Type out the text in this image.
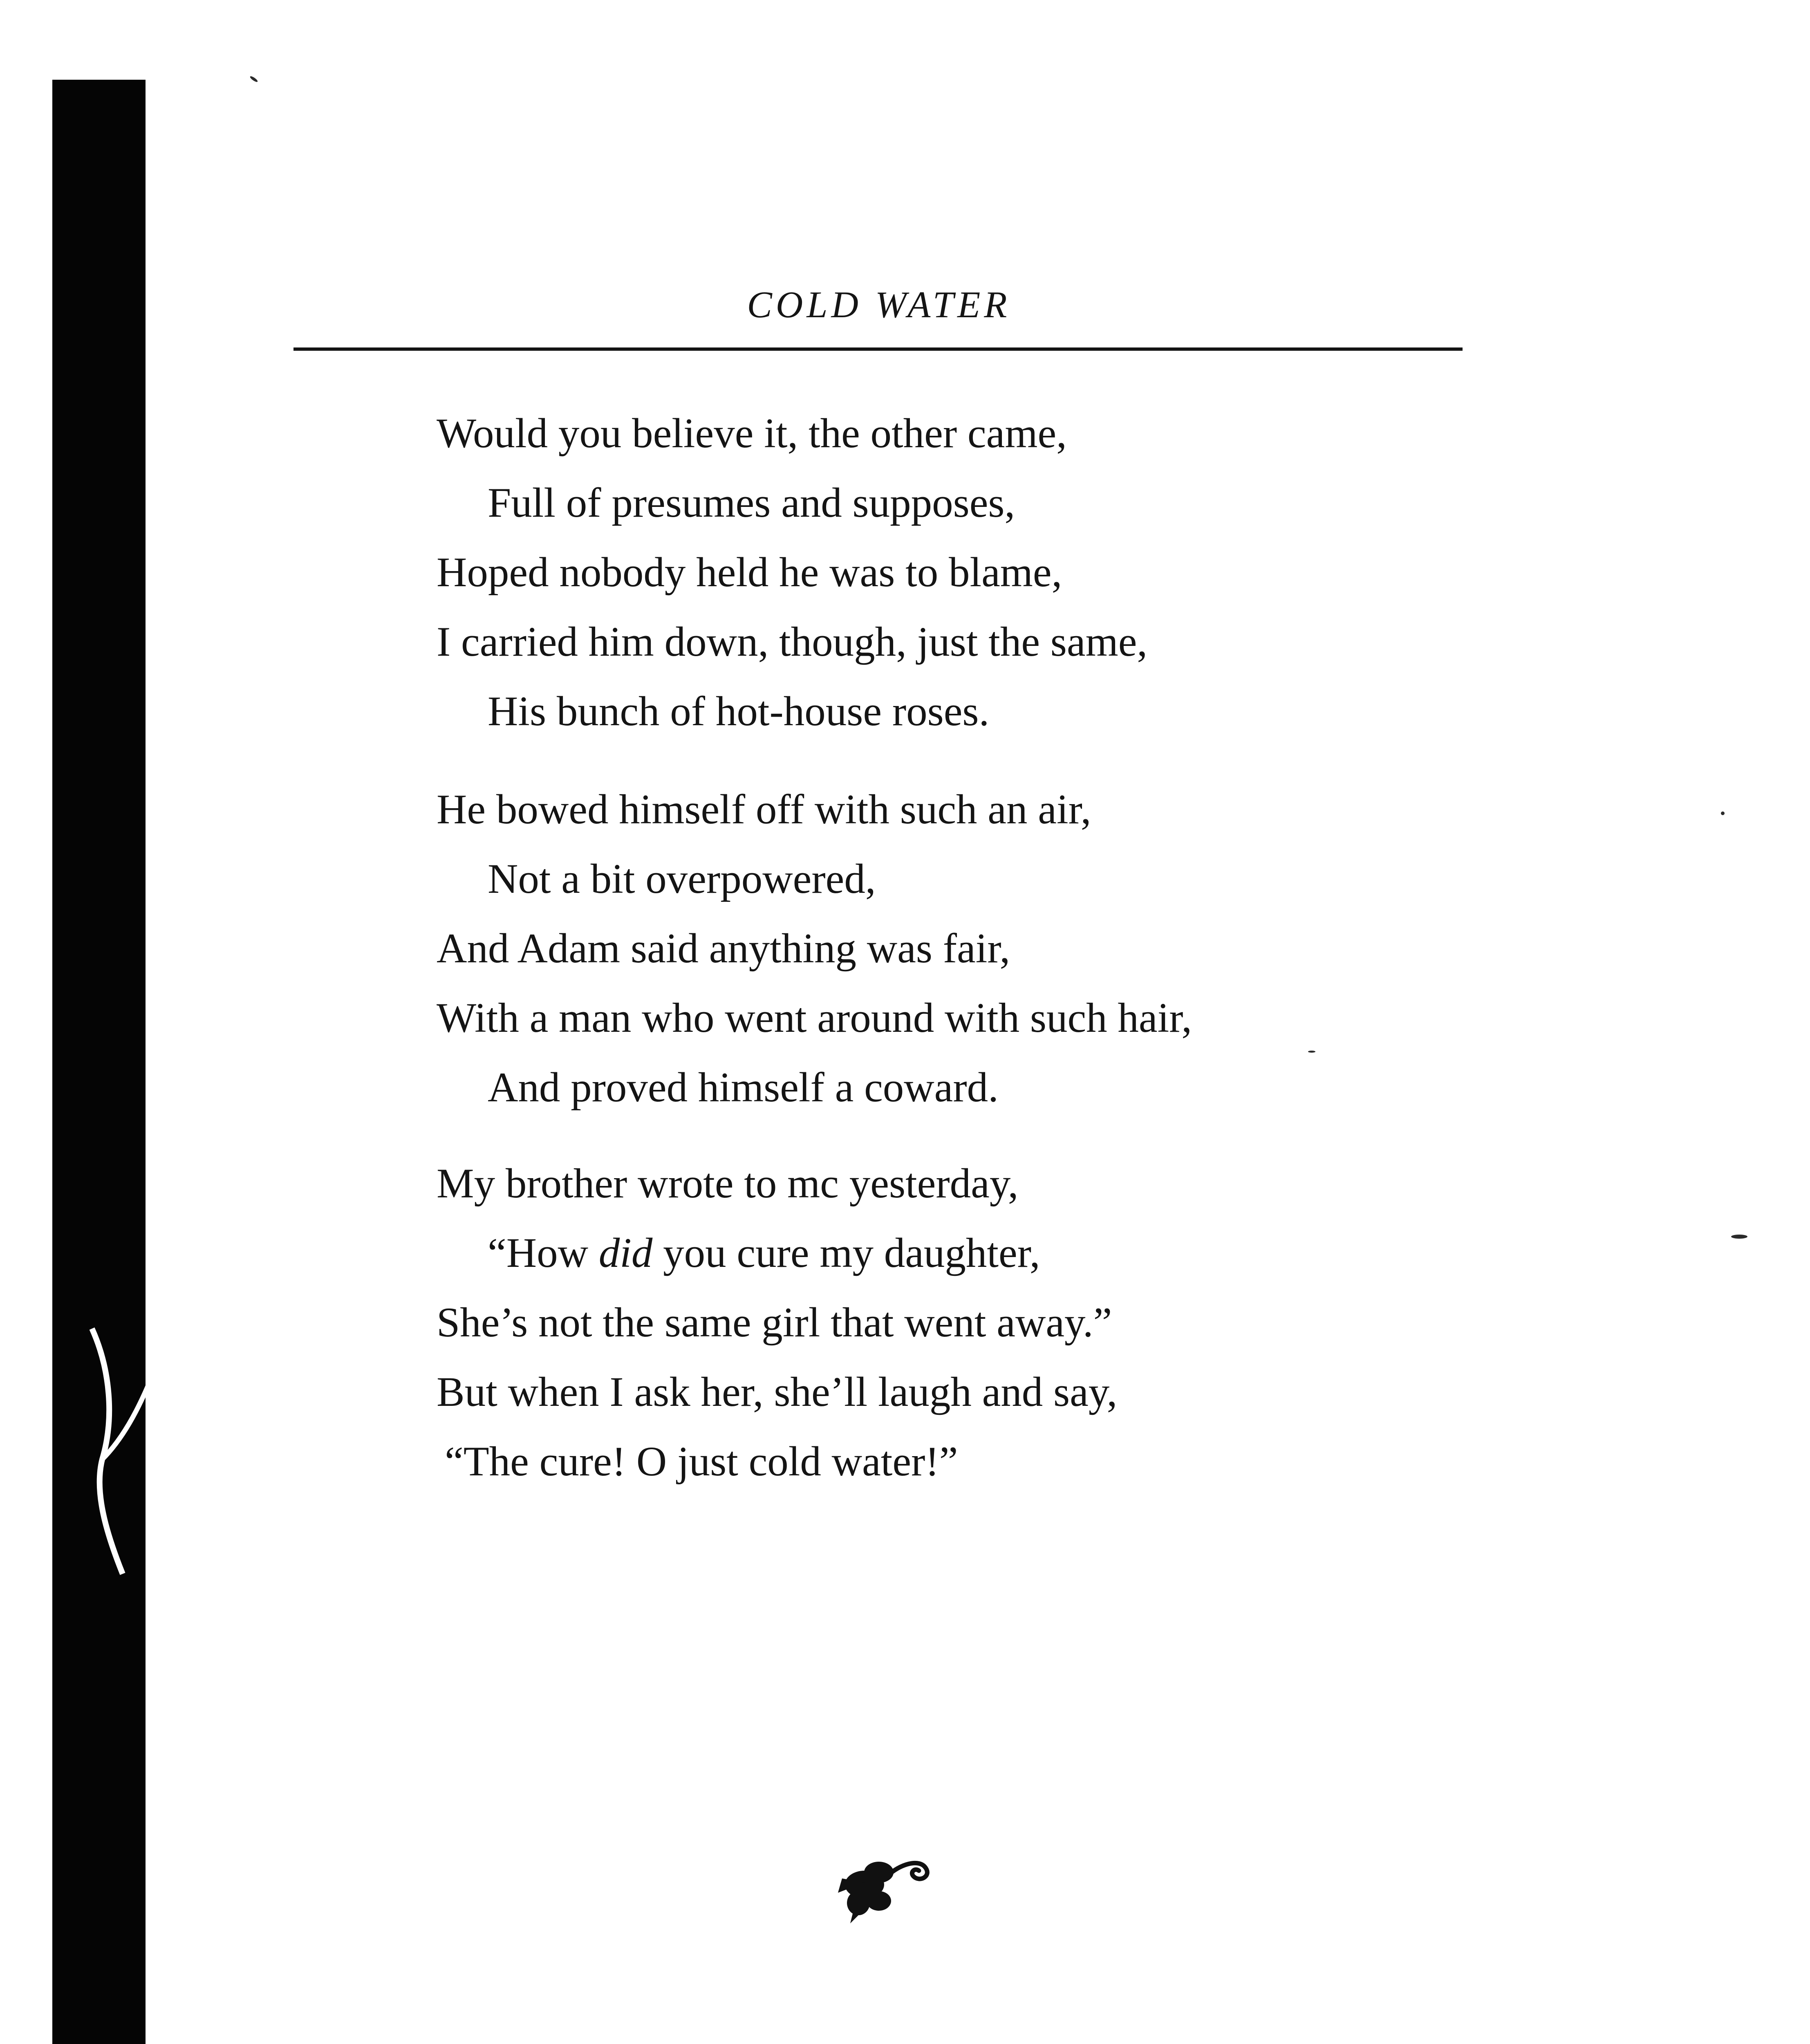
COLD WATER
Would you believe it, the other came,
Full of presumes and supposes,
Hoped nobody held he was to blame,
I carried him down, though, just the same,
His bunch of hot-house roses.
He bowed himself off with such an air,
Not a bit overpowered,
And Adam said anything was fair,
With a man who went around with such hair,
And proved himself a coward.
My brother wrote to mc yesterday,
“How did you cure my daughter,
She’s not the same girl that went away.”
But when I ask her, she’ll laugh and say,
“The cure! O just cold water!”
